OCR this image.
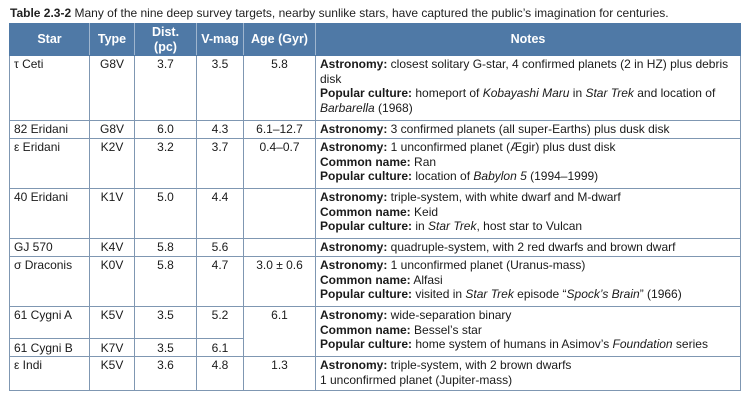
Table 2.3-2 Many of the nine deep survey targets, nearby sunlike stars, have captured the public’s imagination for centuries.
Star	Type	Dist. (pc)	V-mag	Age (Gyr)	Notes
τ Ceti	G8V	3.7	3.5	5.8	Astronomy: closest solitary G-star, 4 confirmed planets (2 in HZ) plus debris disk
Popular culture: homeport of Kobayashi Maru in Star Trek and location of
Barbarella (1968)

82 Eridani	G8V	6.0	4.3	6.1–12.7	Astronomy: 3 confirmed planets (all super-Earths) plus dusk disk

ε Eridani	K2V	3.2	3.7	0.4–0.7	Astronomy: 1 unconfirmed planet (Ægir) plus dust disk
Common name: Ran
Popular culture: location of Babylon 5 (1994–1999)

40 Eridani	K1V	5.0	4.4		Astronomy: triple-system, with white dwarf and M-dwarf
Common name: Keid
Popular culture: in Star Trek, host star to Vulcan

GJ 570	K4V	5.8	5.6		Astronomy: quadruple-system, with 2 red dwarfs and brown dwarf

σ Draconis	K0V	5.8	4.7	3.0 ± 0.6	Astronomy: 1 unconfirmed planet (Uranus-mass)
Common name: Alfasi
Popular culture: visited in Star Trek episode “Spock’s Brain” (1966)

61 Cygni A	K5V	3.5	5.2	6.1	Astronomy: wide-separation binary
Common name: Bessel’s star
Popular culture: home system of humans in Asimov’s Foundation series

61 Cygni B	K7V	3.5	6.1		
ε Indi	K5V	3.6	4.8	1.3	Astronomy: triple-system, with 2 brown dwarfs
1 unconfirmed planet (Jupiter-mass)
